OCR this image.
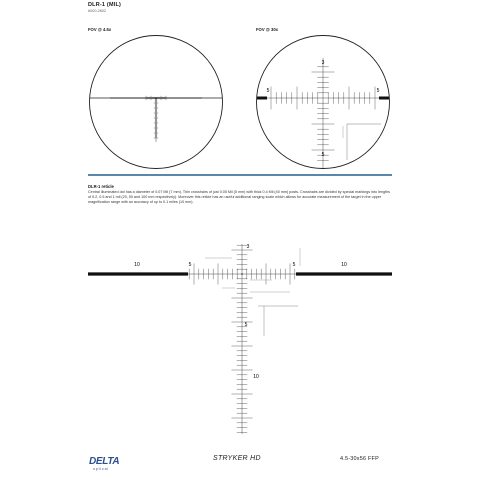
DLR-1 (MIL)
#000-2602
FOV @ 4.5x	FOV @ 30x
3
5
5	5
DLR-1 reticle
Central illuminated dot has a diameter of 0.07 Mil (7 mm). Thin crosshairs of just 0.05 Mil (5 mm) with thick 0.4 Mil (40 mm) posts. Crosshairs are divided by special markings into lengths of 0.2, 0.5 and 1 mil (20, 50 and 100 mm respectively). Moreover this reticle has an useful additional ranging scale which allows for accurate measurement of the target in the upper magnification range with an accuracy of up to 0.1 miles (10 mm).
10	5	5	10
3
5
10
DELTA
optical
STRYKER HD	4.5-30x56 FFP
